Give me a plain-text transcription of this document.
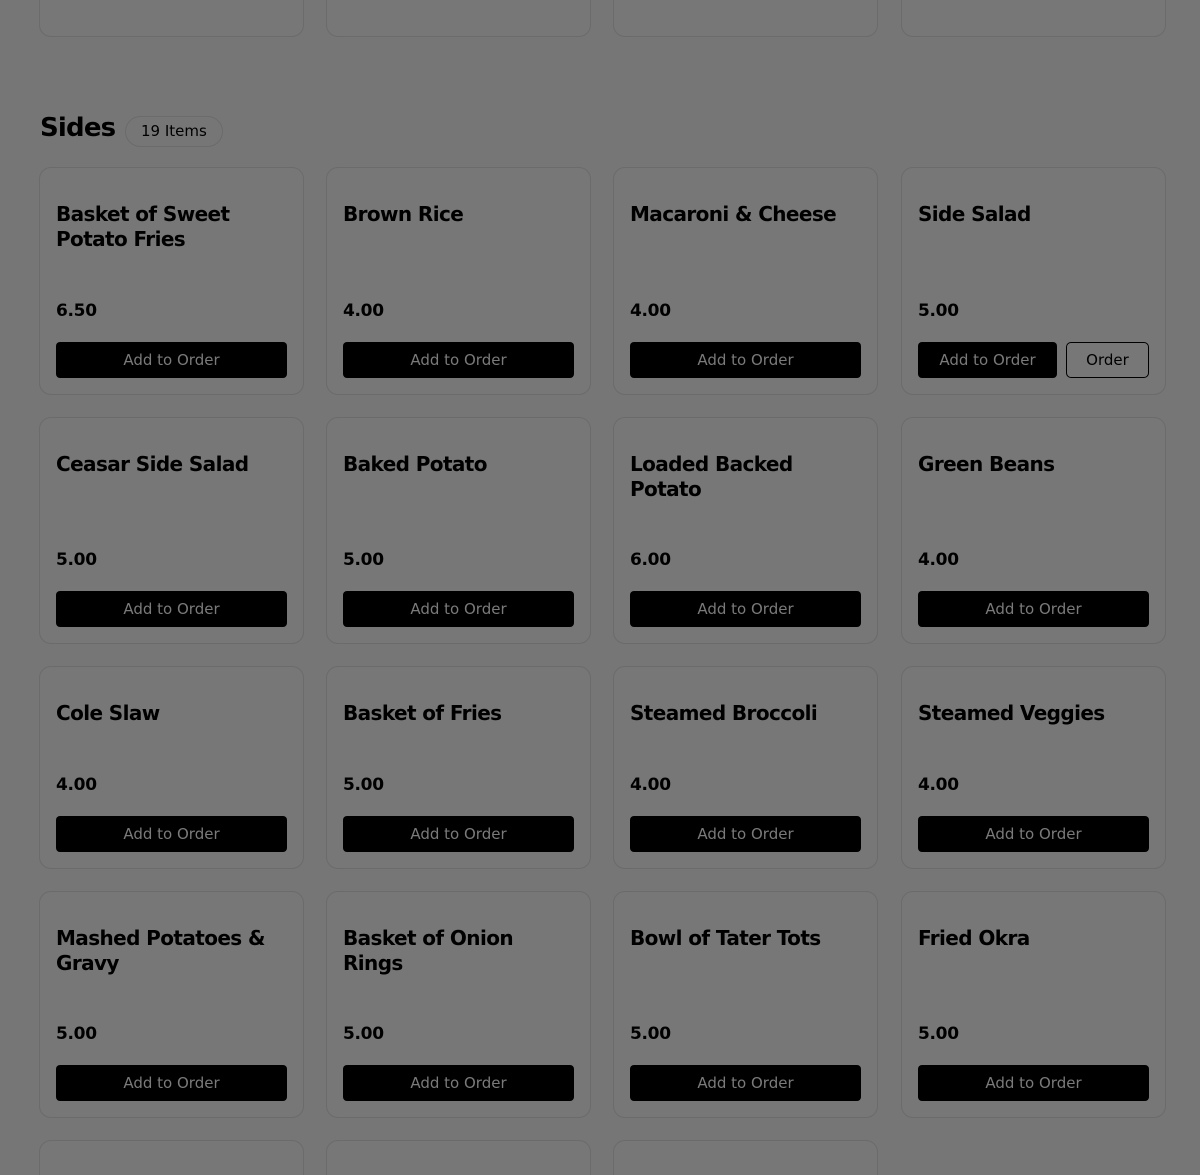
Sides	19 Items
Basket of Sweet Potato Fries
6.50
Add to Order
Brown Rice
4.00
Add to Order
Macaroni & Cheese
4.00
Add to Order
Side Salad
5.00
Add to Order	Order
Ceasar Side Salad
5.00
Add to Order
Baked Potato
5.00
Add to Order
Loaded Backed Potato
6.00
Add to Order
Green Beans
4.00
Add to Order
Cole Slaw
4.00
Add to Order
Basket of Fries
5.00
Add to Order
Steamed Broccoli
4.00
Add to Order
Steamed Veggies
4.00
Add to Order
Mashed Potatoes & Gravy
5.00
Add to Order
Basket of Onion Rings
5.00
Add to Order
Bowl of Tater Tots
5.00
Add to Order
Fried Okra
5.00
Add to Order
